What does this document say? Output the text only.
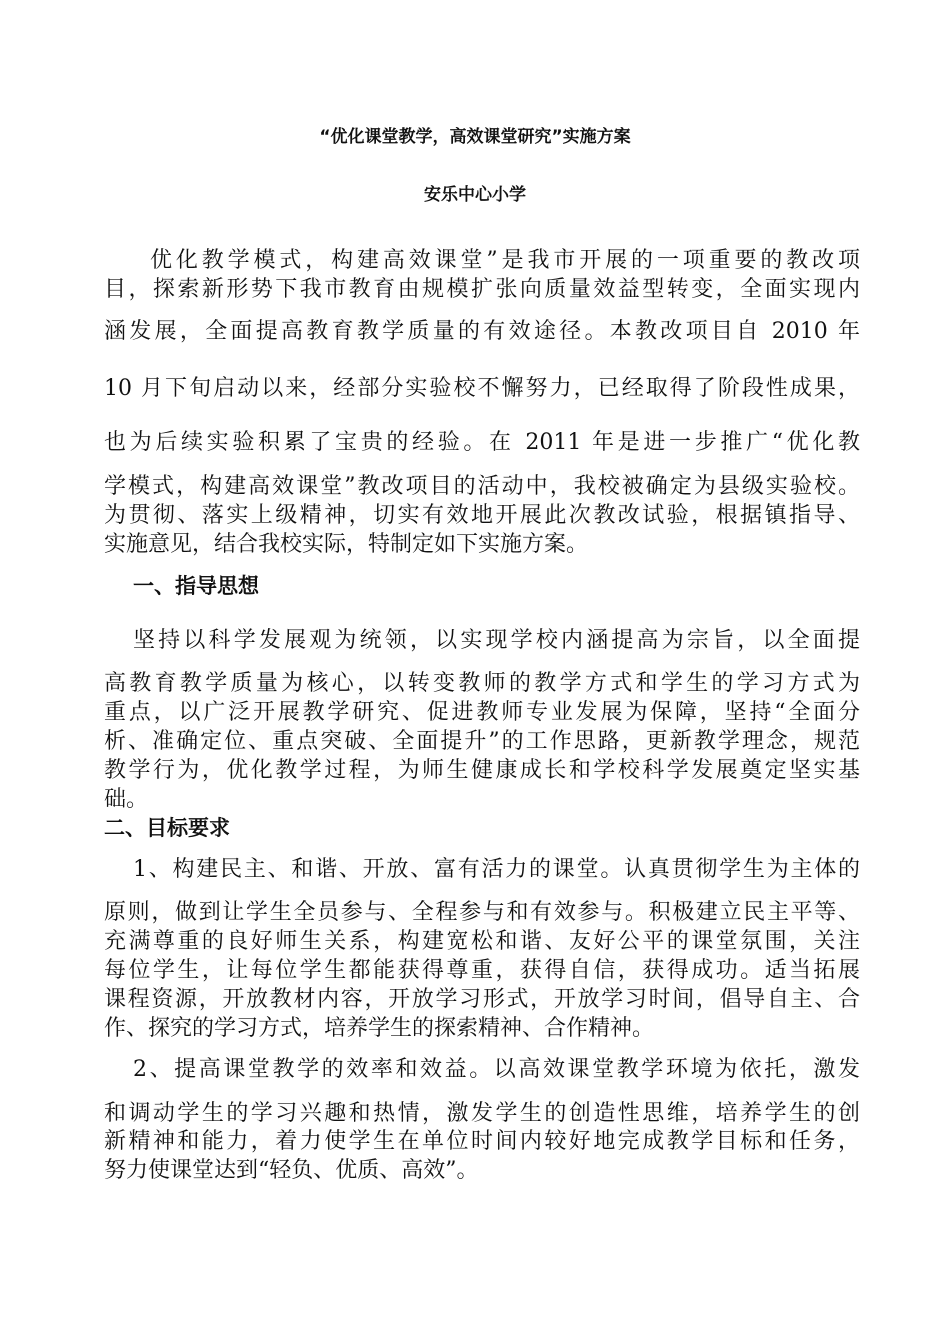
“优化课堂教学，高效课堂研究”实施方案
安乐中心小学
优化教学模式，构建高效课堂”是我市开展的一项重要的教改项
目，探索新形势下我市教育由规模扩张向质量效益型转变，全面实现内
涵发展，全面提高教育教学质量的有效途径。本教改项目自 2010 年
10 月下旬启动以来，经部分实验校不懈努力，已经取得了阶段性成果，
也为后续实验积累了宝贵的经验。在 2011 年是进一步推广“优化教
学模式，构建高效课堂”教改项目的活动中，我校被确定为县级实验校。
为贯彻、落实上级精神，切实有效地开展此次教改试验，根据镇指导、
实施意见，结合我校实际，特制定如下实施方案。
一、指导思想
坚持以科学发展观为统领，以实现学校内涵提高为宗旨，以全面提
高教育教学质量为核心，以转变教师的教学方式和学生的学习方式为
重点，以广泛开展教学研究、促进教师专业发展为保障，坚持“全面分
析、准确定位、重点突破、全面提升”的工作思路，更新教学理念，规范
教学行为，优化教学过程，为师生健康成长和学校科学发展奠定坚实基
础。
二、目标要求
1、构建民主、和谐、开放、富有活力的课堂。认真贯彻学生为主体的
原则，做到让学生全员参与、全程参与和有效参与。积极建立民主平等、
充满尊重的良好师生关系，构建宽松和谐、友好公平的课堂氛围，关注
每位学生，让每位学生都能获得尊重，获得自信，获得成功。适当拓展
课程资源，开放教材内容，开放学习形式，开放学习时间，倡导自主、合
作、探究的学习方式，培养学生的探索精神、合作精神。
2、提高课堂教学的效率和效益。以高效课堂教学环境为依托，激发
和调动学生的学习兴趣和热情，激发学生的创造性思维，培养学生的创
新精神和能力，着力使学生在单位时间内较好地完成教学目标和任务，
努力使课堂达到“轻负、优质、高效”。
